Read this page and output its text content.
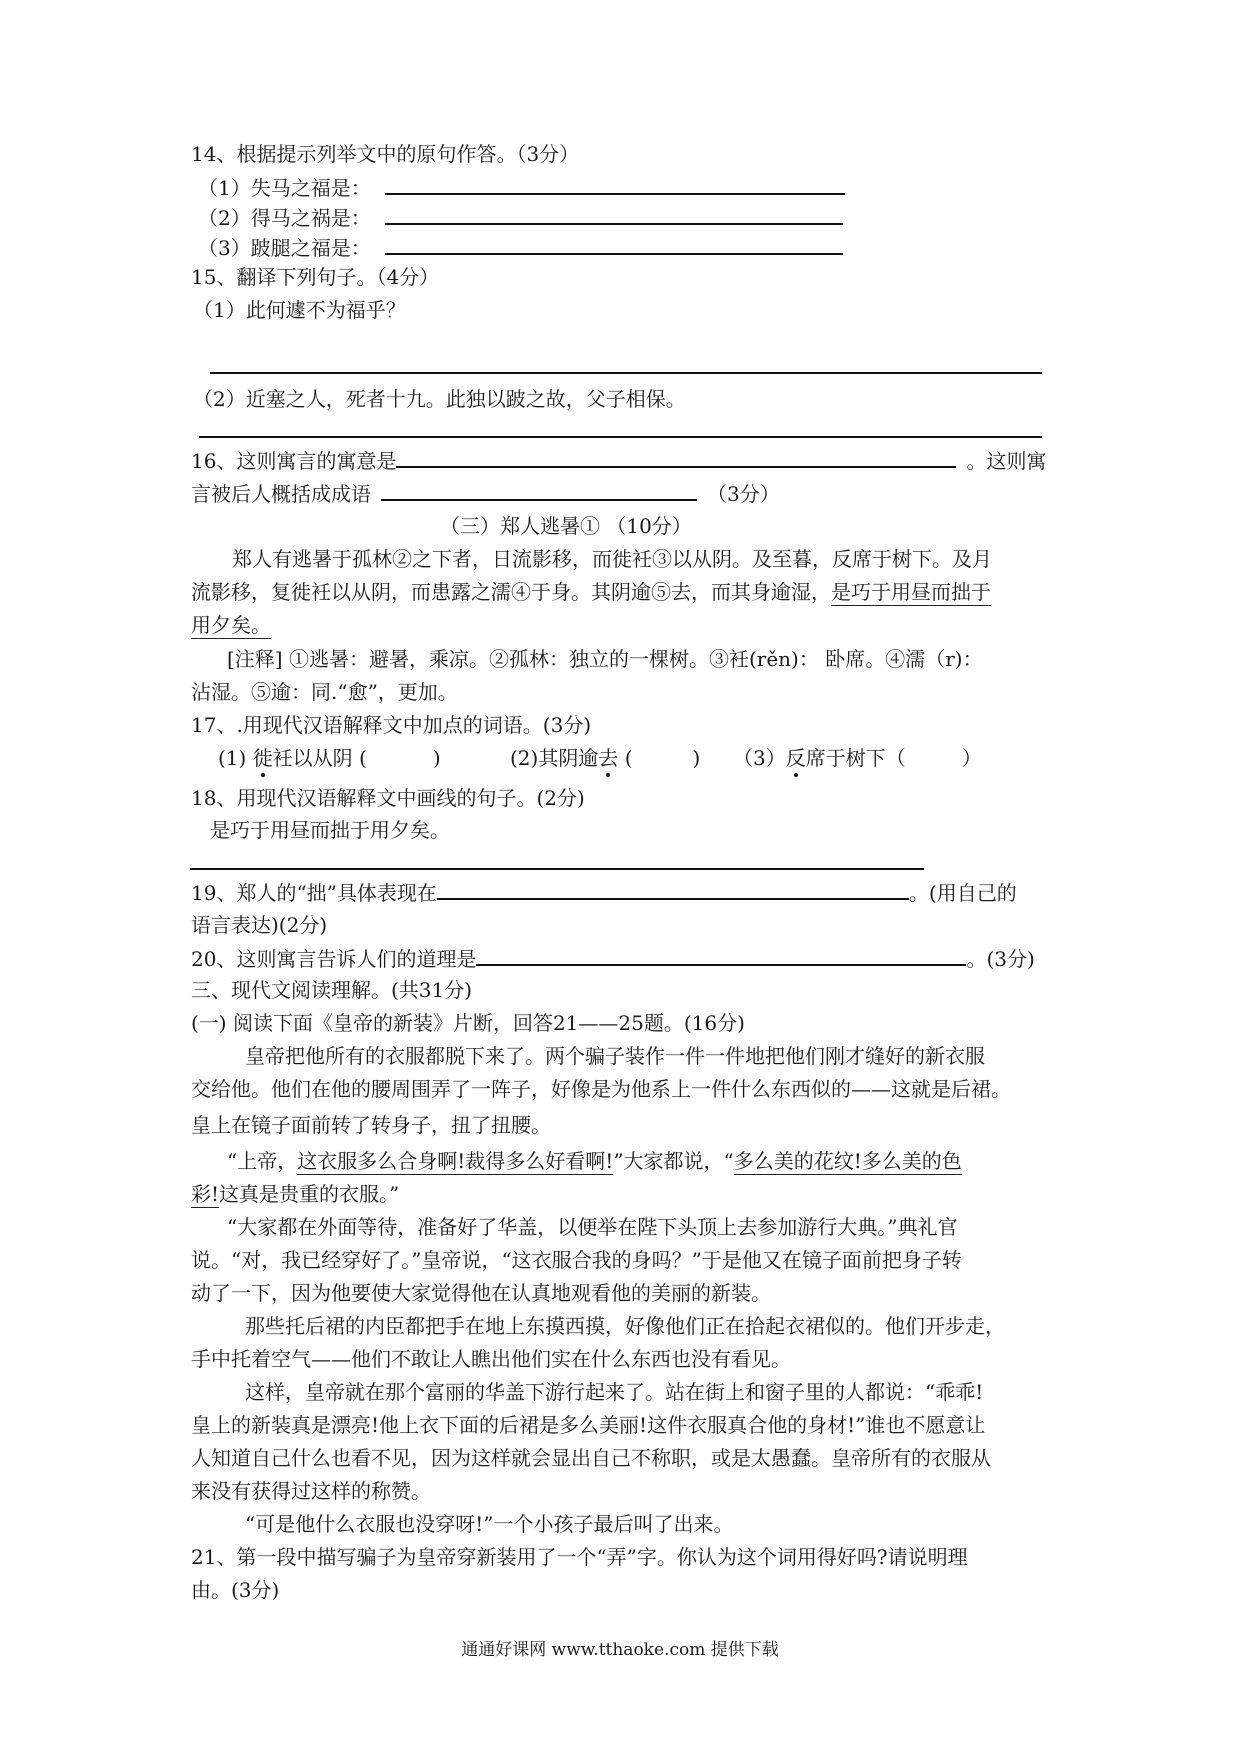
14、根据提示列举文中的原句作答。（3分）
（1）失马之福是：
（2）得马之祸是：
（3）跛腿之福是：
15、翻译下列句子。（4分）
（1）此何遽不为福乎？
（2）近塞之人，死者十九。此独以跛之故，父子相保。
16、这则寓言的寓意是	。这则寓
言被后人概括成成语	（3分）
（三）郑人逃暑① （10分）
郑人有逃暑于孤林②之下者，日流影移，而徙衽③以从阴。及至暮，反席于树下。及月
流影移，复徙衽以从阴，而患露之濡④于身。其阴逾⑤去，而其身逾湿，是巧于用昼而拙于
用夕矣。
[注释] ①逃暑：避暑，乘凉。②孤林：独立的一棵树。③衽(rěn)： 卧席。④濡（r)：
沾湿。⑤逾：同.“愈”，更加。
17、.用现代汉语解释文中加点的词语。(3分)
(1) 徙衽以从阴 (	)	(2)其阴逾去 (	) （3）反席于树下（	）
18、用现代汉语解释文中画线的句子。(2分)
是巧于用昼而拙于用夕矣。
19、郑人的“拙”具体表现在	。(用自己的
语言表达)(2分)
20、这则寓言告诉人们的道理是	。(3分)
三、现代文阅读理解。(共31分)
(一) 阅读下面《皇帝的新装》片断，回答21——25题。(16分)
皇帝把他所有的衣服都脱下来了。两个骗子装作一件一件地把他们刚才缝好的新衣服
交给他。他们在他的腰周围弄了一阵子，好像是为他系上一件什么东西似的——这就是后裙。
皇上在镜子面前转了转身子，扭了扭腰。
“上帝，这衣服多么合身啊!裁得多么好看啊!”大家都说，“多么美的花纹!多么美的色
彩!这真是贵重的衣服。”
“大家都在外面等待，准备好了华盖，以便举在陛下头顶上去参加游行大典。”典礼官
说。“对，我已经穿好了。”皇帝说，“这衣服合我的身吗？”于是他又在镜子面前把身子转
动了一下，因为他要使大家觉得他在认真地观看他的美丽的新装。
那些托后裙的内臣都把手在地上东摸西摸，好像他们正在拾起衣裙似的。他们开步走，
手中托着空气——他们不敢让人瞧出他们实在什么东西也没有看见。
这样，皇帝就在那个富丽的华盖下游行起来了。站在街上和窗子里的人都说：“乖乖!
皇上的新装真是漂亮!他上衣下面的后裙是多么美丽!这件衣服真合他的身材!”谁也不愿意让
人知道自己什么也看不见，因为这样就会显出自己不称职，或是太愚蠢。皇帝所有的衣服从
来没有获得过这样的称赞。
“可是他什么衣服也没穿呀!”一个小孩子最后叫了出来。
21、第一段中描写骗子为皇帝穿新装用了一个“弄”字。你认为这个词用得好吗?请说明理
由。(3分)
通通好课网 www.tthaoke.com 提供下载
